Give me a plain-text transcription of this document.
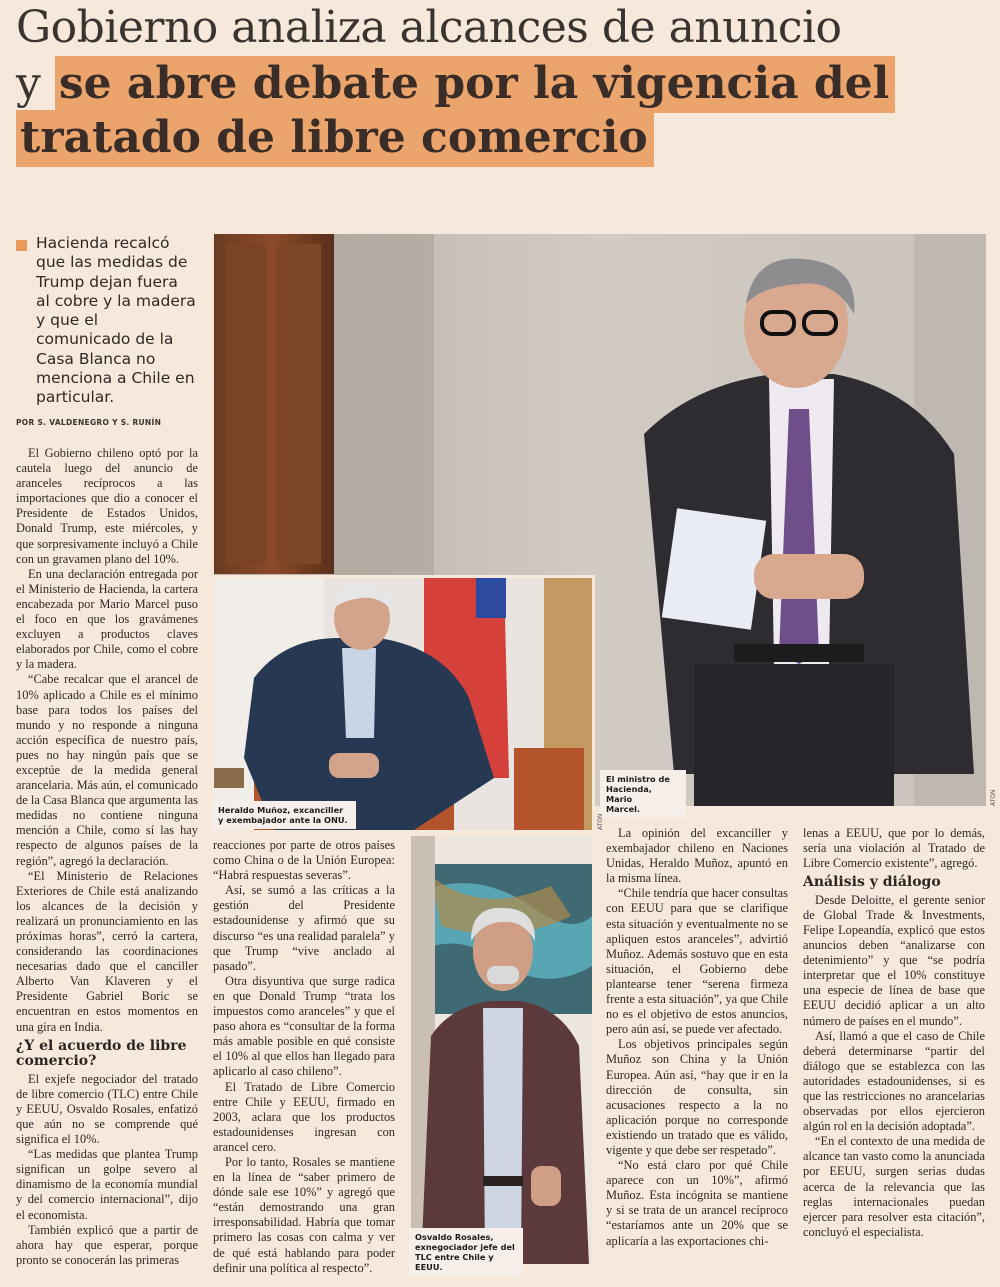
Gobierno analiza alcances de anuncio
y se abre debate por la vigencia del
tratado de libre comercio
Hacienda recalcó que las medidas de Trump dejan fuera al cobre y la madera y que el comunicado de la Casa Blanca no menciona a Chile en particular.
POR S. VALDENEGRO Y S. RUNÍN
El ministro de
Hacienda, Mario
Marcel.
ATON
Heraldo Muñoz, excanciller
y exembajador ante la ONU.	ATON
Osvaldo Rosales,
exnegociador jefe del
TLC entre Chile y EEUU.

El Gobierno chileno optó por la cautela luego del anuncio de aranceles recíprocos a las importaciones que dio a conocer el Presidente de Estados Unidos, Donald Trump, este miércoles, y que sorpresivamente incluyó a Chile con un gravamen plano del 10%.

En una declaración entregada por el Ministerio de Hacienda, la cartera encabezada por Mario Marcel puso el foco en que los gravámenes excluyen a productos claves elaborados por Chile, como el cobre y la madera.

“Cabe recalcar que el arancel de 10% aplicado a Chile es el mínimo base para todos los países del mundo y no responde a ninguna acción específica de nuestro país, pues no hay ningún país que se exceptúe de la medida general arancelaria. Más aún, el comunicado de la Casa Blanca que argumenta las medidas no contiene ninguna mención a Chile, como sí las hay respecto de algunos países de la región”, agregó la declaración.

“El Ministerio de Relaciones Exteriores de Chile está analizando los alcances de la decisión y realizará un pronunciamiento en las próximas horas”, cerró la cartera, considerando las coordinaciones necesarias dado que el canciller Alberto Van Klaveren y el Presidente Gabriel Boric se encuentran en estos momentos en una gira en India.

¿Y el acuerdo de libre comercio?

El exjefe negociador del tratado de libre comercio (TLC) entre Chile y EEUU, Osvaldo Rosales, enfatizó que aún no se comprende qué significa el 10%.

“Las medidas que plantea Trump significan un golpe severo al dinamismo de la economía mundial y del comercio internacional”, dijo el economista.

También explicó que a partir de ahora hay que esperar, porque pronto se conocerán las primeras

reacciones por parte de otros países como China o de la Unión Europea: “Habrá respuestas severas”.

Así, se sumó a las críticas a la gestión del Presidente estadounidense y afirmó que su discurso “es una realidad paralela” y que Trump “vive anclado al pasado”.

Otra disyuntiva que surge radica en que Donald Trump “trata los impuestos como aranceles” y que el paso ahora es “consultar de la forma más amable posible en qué consiste el 10% al que ellos han llegado para aplicarlo al caso chileno”.

El Tratado de Libre Comercio entre Chile y EEUU, firmado en 2003, aclara que los productos estadounidenses ingresan con arancel cero.

Por lo tanto, Rosales se mantiene en la línea de “saber primero de dónde sale ese 10%” y agregó que “están demostrando una gran irresponsabilidad. Habría que tomar primero las cosas con calma y ver de qué está hablando para poder definir una política al respecto”.

La opinión del excanciller y exembajador chileno en Naciones Unidas, Heraldo Muñoz, apuntó en la misma línea.

“Chile tendría que hacer consultas con EEUU para que se clarifique esta situación y eventualmente no se apliquen estos aranceles”, advirtió Muñoz. Además sostuvo que en esta situación, el Gobierno debe plantearse tener “serena firmeza frente a esta situación”, ya que Chile no es el objetivo de estos anuncios, pero aún así, se puede ver afectado.

Los objetivos principales según Muñoz son China y la Unión Europea. Aún así, “hay que ir en la dirección de consulta, sin acusaciones respecto a la no aplicación porque no corresponde existiendo un tratado que es válido, vigente y que debe ser respetado”.

“No está claro por qué Chile aparece con un 10%”, afirmó Muñoz. Esta incógnita se mantiene y si se trata de un arancel recíproco “estaríamos ante un 20% que se aplicaría a las exportaciones chi-

lenas a EEUU, que por lo demás, sería una violación al Tratado de Libre Comercio existente”, agregó.

Análisis y diálogo

Desde Deloitte, el gerente senior de Global Trade & Investments, Felipe Lopeandía, explicó que estos anuncios deben “analizarse con detenimiento” y que “se podría interpretar que el 10% constituye una especie de línea de base que EEUU decidió aplicar a un alto número de países en el mundo”.

Así, llamó a que el caso de Chile deberá determinarse “partir del diálogo que se establezca con las autoridades estadounidenses, si es que las restricciones no arancelarias observadas por ellos ejercieron algún rol en la decisión adoptada”.

“En el contexto de una medida de alcance tan vasto como la anunciada por EEUU, surgen serias dudas acerca de la relevancia que las reglas internacionales puedan ejercer para resolver esta citación”, concluyó el especialista.
